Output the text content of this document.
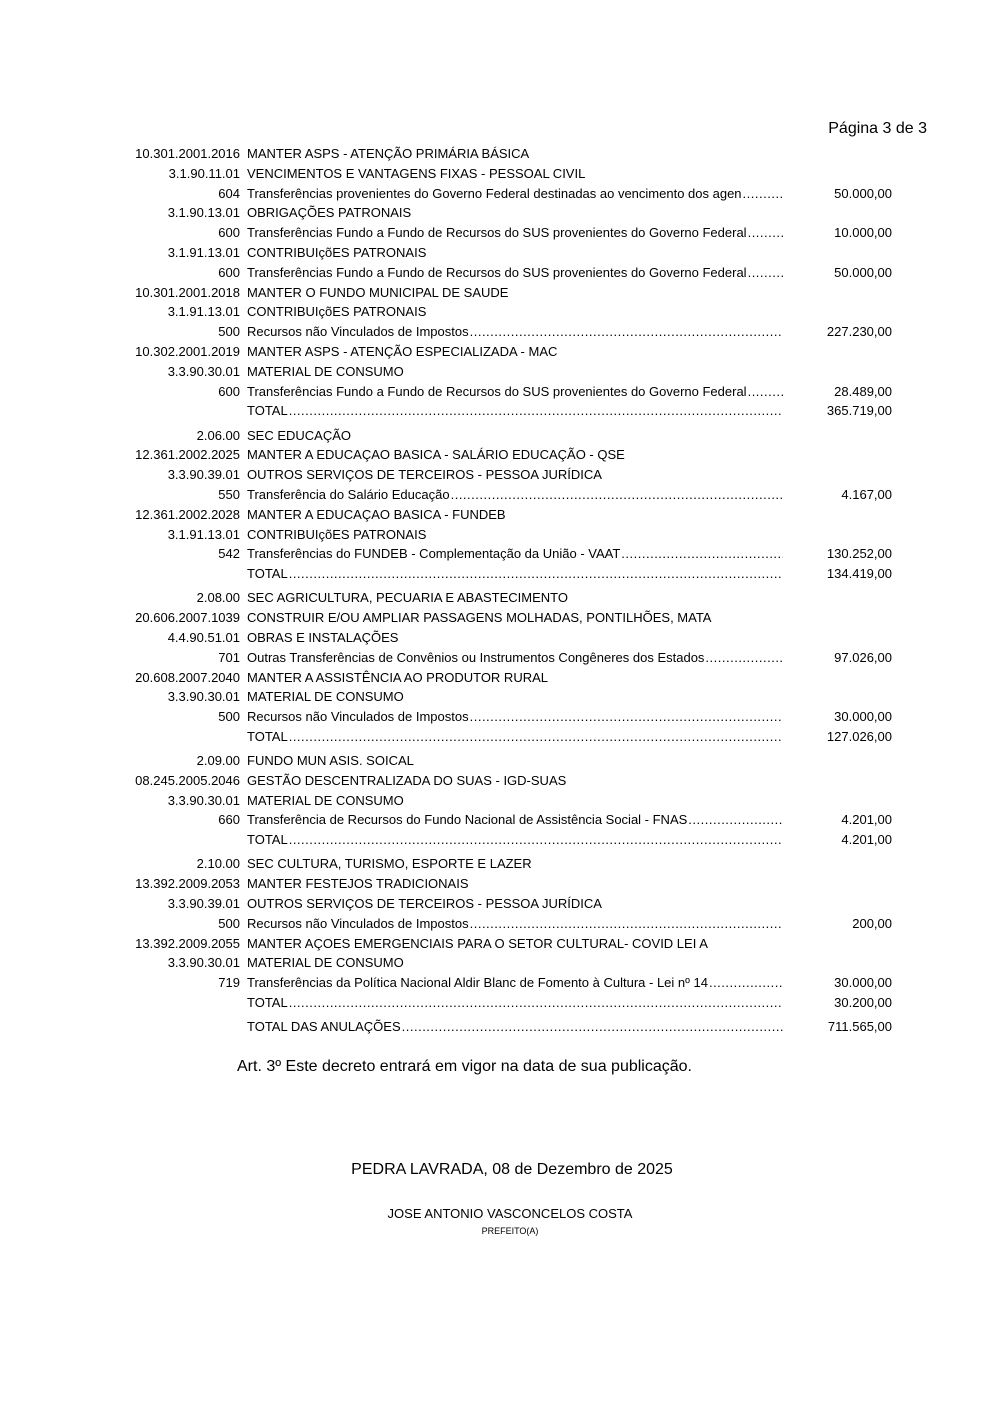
Página 3 de 3
10.301.2001.2016 MANTER ASPS - ATENÇÃO PRIMÁRIA BÁSICA
3.1.90.11.01 VENCIMENTOS E VANTAGENS FIXAS - PESSOAL CIVIL
604 Transferências provenientes do Governo Federal destinadas ao vencimento dos agen .....	50.000,00
3.1.90.13.01 OBRIGAÇÕES PATRONAIS
600 Transferências Fundo a Fundo de Recursos do SUS provenientes do Governo Federal .....	10.000,00
3.1.91.13.01 CONTRIBUIçõES PATRONAIS
600 Transferências Fundo a Fundo de Recursos do SUS provenientes do Governo Federal .....	50.000,00
10.301.2001.2018 MANTER O FUNDO MUNICIPAL DE SAUDE
3.1.91.13.01 CONTRIBUIçõES PATRONAIS
500 Recursos não Vinculados de Impostos .....	227.230,00
10.302.2001.2019 MANTER ASPS - ATENÇÃO ESPECIALIZADA - MAC
3.3.90.30.01 MATERIAL DE CONSUMO
600 Transferências Fundo a Fundo de Recursos do SUS provenientes do Governo Federal .....	28.489,00
TOTAL .....	365.719,00
2.06.00 SEC EDUCAÇÃO
12.361.2002.2025 MANTER A EDUCAÇAO BASICA - SALÁRIO EDUCAÇÃO - QSE
3.3.90.39.01 OUTROS SERVIÇOS DE TERCEIROS - PESSOA JURÍDICA
550 Transferência do Salário Educação .....	4.167,00
12.361.2002.2028 MANTER A EDUCAÇAO BASICA - FUNDEB
3.1.91.13.01 CONTRIBUIçõES PATRONAIS
542 Transferências do FUNDEB - Complementação da União - VAAT .....	130.252,00
TOTAL .....	134.419,00
2.08.00 SEC AGRICULTURA, PECUARIA E ABASTECIMENTO
20.606.2007.1039 CONSTRUIR E/OU AMPLIAR PASSAGENS MOLHADAS, PONTILHÕES, MATA
4.4.90.51.01 OBRAS E INSTALAÇÕES
701 Outras Transferências de Convênios ou Instrumentos Congêneres dos Estados .....	97.026,00
20.608.2007.2040 MANTER A ASSISTÊNCIA AO PRODUTOR RURAL
3.3.90.30.01 MATERIAL DE CONSUMO
500 Recursos não Vinculados de Impostos .....	30.000,00
TOTAL .....	127.026,00
2.09.00 FUNDO MUN ASIS. SOICAL
08.245.2005.2046 GESTÃO DESCENTRALIZADA DO SUAS - IGD-SUAS
3.3.90.30.01 MATERIAL DE CONSUMO
660 Transferência de Recursos do Fundo Nacional de Assistência Social - FNAS .....	4.201,00
TOTAL .....	4.201,00
2.10.00 SEC CULTURA, TURISMO, ESPORTE E LAZER
13.392.2009.2053 MANTER FESTEJOS TRADICIONAIS
3.3.90.39.01 OUTROS SERVIÇOS DE TERCEIROS - PESSOA JURÍDICA
500 Recursos não Vinculados de Impostos .....	200,00
13.392.2009.2055 MANTER AÇOES EMERGENCIAIS PARA O SETOR CULTURAL- COVID LEI A
3.3.90.30.01 MATERIAL DE CONSUMO
719 Transferências da Política Nacional Aldir Blanc de Fomento à Cultura - Lei nº 14 .....	30.000,00
TOTAL .....	30.200,00
TOTAL DAS ANULAÇÕES .....	711.565,00
Art. 3º Este decreto entrará em vigor na data de sua publicação.
PEDRA LAVRADA, 08 de Dezembro de 2025
JOSE ANTONIO VASCONCELOS COSTA
PREFEITO(A)
